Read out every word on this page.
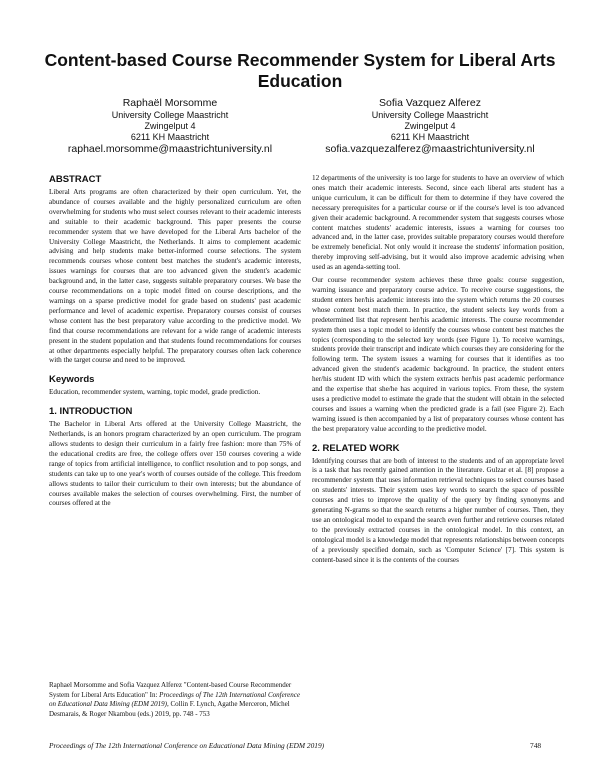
Content-based Course Recommender System for Liberal Arts Education
Raphaël Morsomme
University College Maastricht
Zwingelput 4
6211 KH Maastricht
raphael.morsomme@maastrichtuniversity.nl
Sofia Vazquez Alferez
University College Maastricht
Zwingelput 4
6211 KH Maastricht
sofia.vazquezalferez@maastrichtuniversity.nl
ABSTRACT

Liberal Arts programs are often characterized by their open curriculum. Yet, the abundance of courses available and the highly personalized curriculum are often overwhelming for students who must select courses relevant to their academic interests and suitable to their academic background. This paper presents the course recommender system that we have developed for the Liberal Arts bachelor of the University College Maastricht, the Netherlands. It aims to complement academic advising and help students make better-informed course selections. The system recommends courses whose content best matches the student's academic interests, issues warnings for courses that are too advanced given the student's academic background and, in the latter case, suggests suitable preparatory courses. We base the course recommendations on a topic model fitted on course descriptions, and the warnings on a sparse predictive model for grade based on students' past academic performance and level of academic expertise. Preparatory courses consist of courses whose content has the best preparatory value according to the predictive model. We find that course recommendations are relevant for a wide range of academic interests present in the student population and that students found recommendations for courses at other departments especially helpful. The preparatory courses often lack coherence with the target course and need to be improved.

Keywords

Education, recommender system, warning, topic model, grade prediction.

1. INTRODUCTION

The Bachelor in Liberal Arts offered at the University College Maastricht, the Netherlands, is an honors program characterized by an open curriculum. The program allows students to design their curriculum in a fairly free fashion: more than 75% of the educational credits are free, the college offers over 150 courses covering a wide range of topics from artificial intelligence, to conflict resolution and to pop songs, and students can take up to one year's worth of courses outside of the college. This freedom allows students to tailor their curriculum to their own interests; but the abundance of courses available makes the selection of courses overwhelming. First, the number of courses offered at the

Raphael Morsomme and Sofia Vazquez Alferez "Content-based Course Recommender System for Liberal Arts Education" In: Proceedings of The 12th International Conference on Educational Data Mining (EDM 2019), Collin F. Lynch, Agathe Merceron, Michel Desmarais, & Roger Nkambou (eds.) 2019, pp. 748 - 753

12 departments of the university is too large for students to have an overview of which ones match their academic interests. Second, since each liberal arts student has a unique curriculum, it can be difficult for them to determine if they have covered the necessary prerequisites for a particular course or if the course's level is too advanced given their academic background. A recommender system that suggests courses whose content matches students' academic interests, issues a warning for courses too advanced and, in the latter case, provides suitable preparatory courses would therefore be extremely beneficial. Not only would it increase the students' information position, thereby improving self-advising, but it would also improve academic advising when used as an agenda-setting tool.

Our course recommender system achieves these three goals: course suggestion, warning issuance and preparatory course advice. To receive course suggestions, the student enters her/his academic interests into the system which returns the 20 courses whose content best match them. In practice, the student selects key words from a predetermined list that represent her/his academic interests. The course recommender system then uses a topic model to identify the courses whose content best matches the topics (corresponding to the selected key words (see Figure 1). To receive warnings, students provide their transcript and indicate which courses they are considering for the following term. The system issues a warning for courses that it identifies as too advanced given the student's academic background. In practice, the student enters her/his student ID with which the system extracts her/his past academic performance and the expertise that she/he has acquired in various topics. From these, the system uses a predictive model to estimate the grade that the student will obtain in the selected courses and issues a warning when the predicted grade is a fail (see Figure 2). Each warning issued is then accompanied by a list of preparatory courses whose content has the best preparatory value according to the predictive model.

2. RELATED WORK

Identifying courses that are both of interest to the students and of an appropriate level is a task that has recently gained attention in the literature. Gulzar et al. [8] propose a recommender system that uses information retrieval techniques to select courses based on students' interests. Their system uses key words to search the space of possible courses and tries to improve the quality of the query by finding synonyms and generating N-grams so that the search returns a higher number of courses. Then, they use an ontological model to expand the search even further and retrieve courses related to the previously extracted courses in the ontological model. In this context, an ontological model is a knowledge model that represents relationships between concepts of a previously specified domain, such as 'Computer Science' [7]. This system is content-based since it is the contents of the courses

Proceedings of The 12th International Conference on Educational Data Mining (EDM 2019)	748
